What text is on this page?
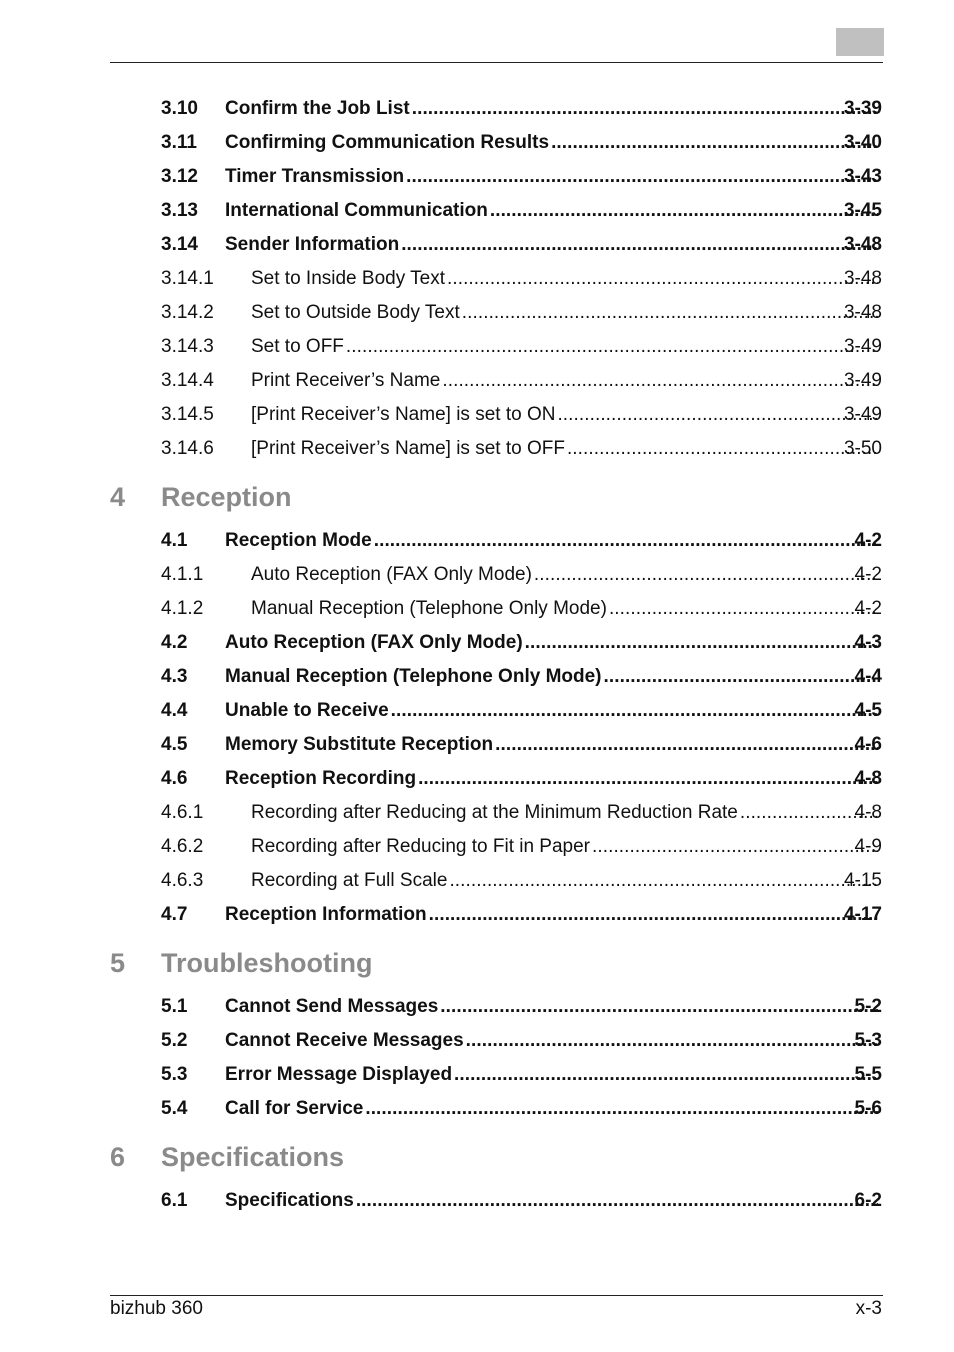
3.10 Confirm the Job List . . .	3-39
3.11 Confirming Communication Results . . .	3-40
3.12 Timer Transmission . . .	3-43
3.13 International Communication . . .	3-45
3.14 Sender Information . . .	3-48
3.14.1 Set to Inside Body Text . . .	3-48
3.14.2 Set to Outside Body Text . . .	3-48
3.14.3 Set to OFF . . .	3-49
3.14.4 Print Receiver’s Name . . .	3-49
3.14.5 [Print Receiver’s Name] is set to ON . . .	3-49
3.14.6 [Print Receiver’s Name] is set to OFF . . .	3-50
4 Reception
4.1 Reception Mode . . .	4-2
4.1.1	Auto Reception (FAX Only Mode) . . .	4-2
4.1.2	Manual Reception (Telephone Only Mode) . . .	4-2
4.2 Auto Reception (FAX Only Mode) . . .	4-3
4.3 Manual Reception (Telephone Only Mode) . . .	4-4
4.4 Unable to Receive . . .	4-5
4.5 Memory Substitute Reception . . .	4-6
4.6 Reception Recording . . .	4-8
4.6.1	Recording after Reducing at the Minimum Reduction Rate . . .	4-8
4.6.2	Recording after Reducing to Fit in Paper . . .	4-9
4.6.3	Recording at Full Scale . . .	4-15
4.7 Reception Information . . .	4-17
5 Troubleshooting
5.1 Cannot Send Messages . . .	5-2
5.2 Cannot Receive Messages . . .	5-3
5.3 Error Message Displayed . . .	5-5
5.4 Call for Service . . .	5-6
6 Specifications
6.1 Specifications . . .	6-2
bizhub 360	x-3
